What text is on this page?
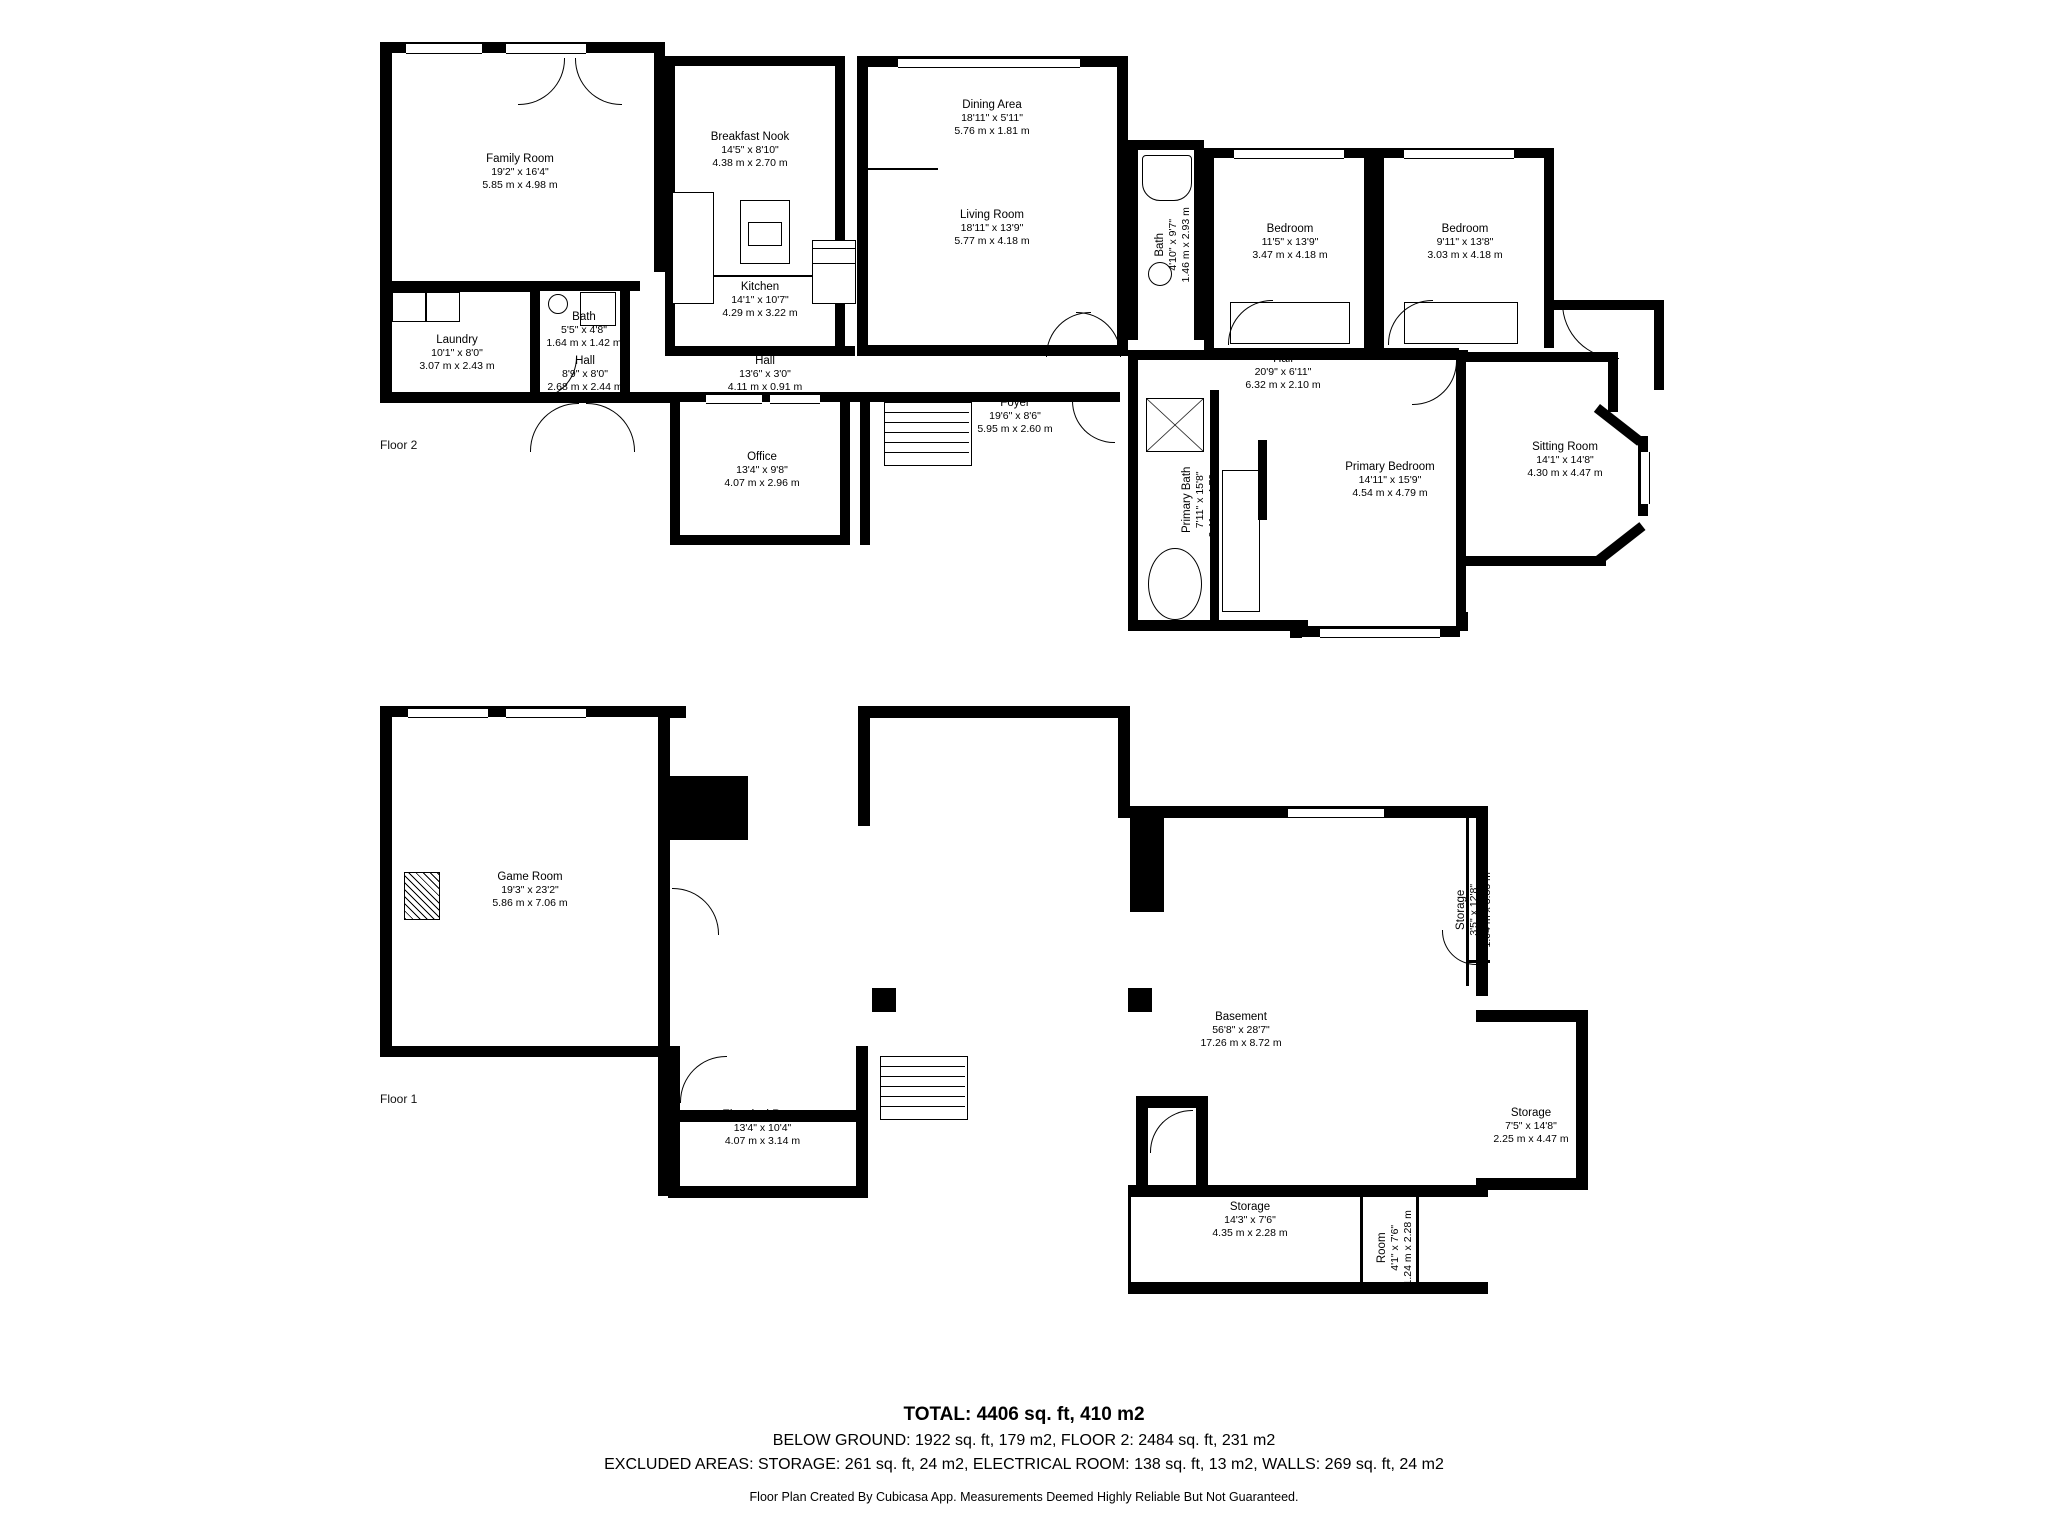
Family Room
19'2" x 16'4"
5.85 m x 4.98 m
Breakfast Nook
14'5" x 8'10"
4.38 m x 2.70 m
Dining Area
18'11" x 5'11"
5.76 m x 1.81 m
Living Room
18'11" x 13'9"
5.77 m x 4.18 m
Kitchen
14'1" x 10'7"
4.29 m x 3.22 m
Bath 4'10" x 9'7" 1.46 m x 2.93 m	Bedroom
11'5" x 13'9"
3.47 m x 4.18 m
Bedroom
9'11" x 13'8"
3.03 m x 4.18 m
Laundry
10'1" x 8'0"
3.07 m x 2.43 m
Bath
5'5" x 4'8"
1.64 m x 1.42 m
Hall
8'9" x 8'0"
2.68 m x 2.44 m
Hall
13'6" x 3'0"
4.11 m x 0.91 m
Hall
20'9" x 6'11"
6.32 m x 2.10 m
Foyer
19'6" x 8'6"
5.95 m x 2.60 m
Office
13'4" x 9'8"
4.07 m x 2.96 m	Primary Bath 7'11" x 15'8" 2.41 m x 4.79 m	Primary Bedroom
14'11" x 15'9"
4.54 m x 4.79 m
Sitting Room
14'1" x 14'8"
4.30 m x 4.47 m
Floor 2
Game Room
19'3" x 23'2"
5.86 m x 7.06 m
Basement
56'8" x 28'7"
17.26 m x 8.72 m
Electrical Room
13'4" x 10'4"
4.07 m x 3.14 m
Storage 3'5" x 12'8" 1.04 m x 3.85 m
Storage
7'5" x 14'8"
2.25 m x 4.47 m
Storage
14'3" x 7'6"
4.35 m x 2.28 m	Room 4'1" x 7'6" 1.24 m x 2.28 m
Floor 1
TOTAL: 4406 sq. ft, 410 m2
BELOW GROUND: 1922 sq. ft, 179 m2, FLOOR 2: 2484 sq. ft, 231 m2
EXCLUDED AREAS: STORAGE: 261 sq. ft, 24 m2, ELECTRICAL ROOM: 138 sq. ft, 13 m2, WALLS: 269 sq. ft, 24 m2
Floor Plan Created By Cubicasa App. Measurements Deemed Highly Reliable But Not Guaranteed.
